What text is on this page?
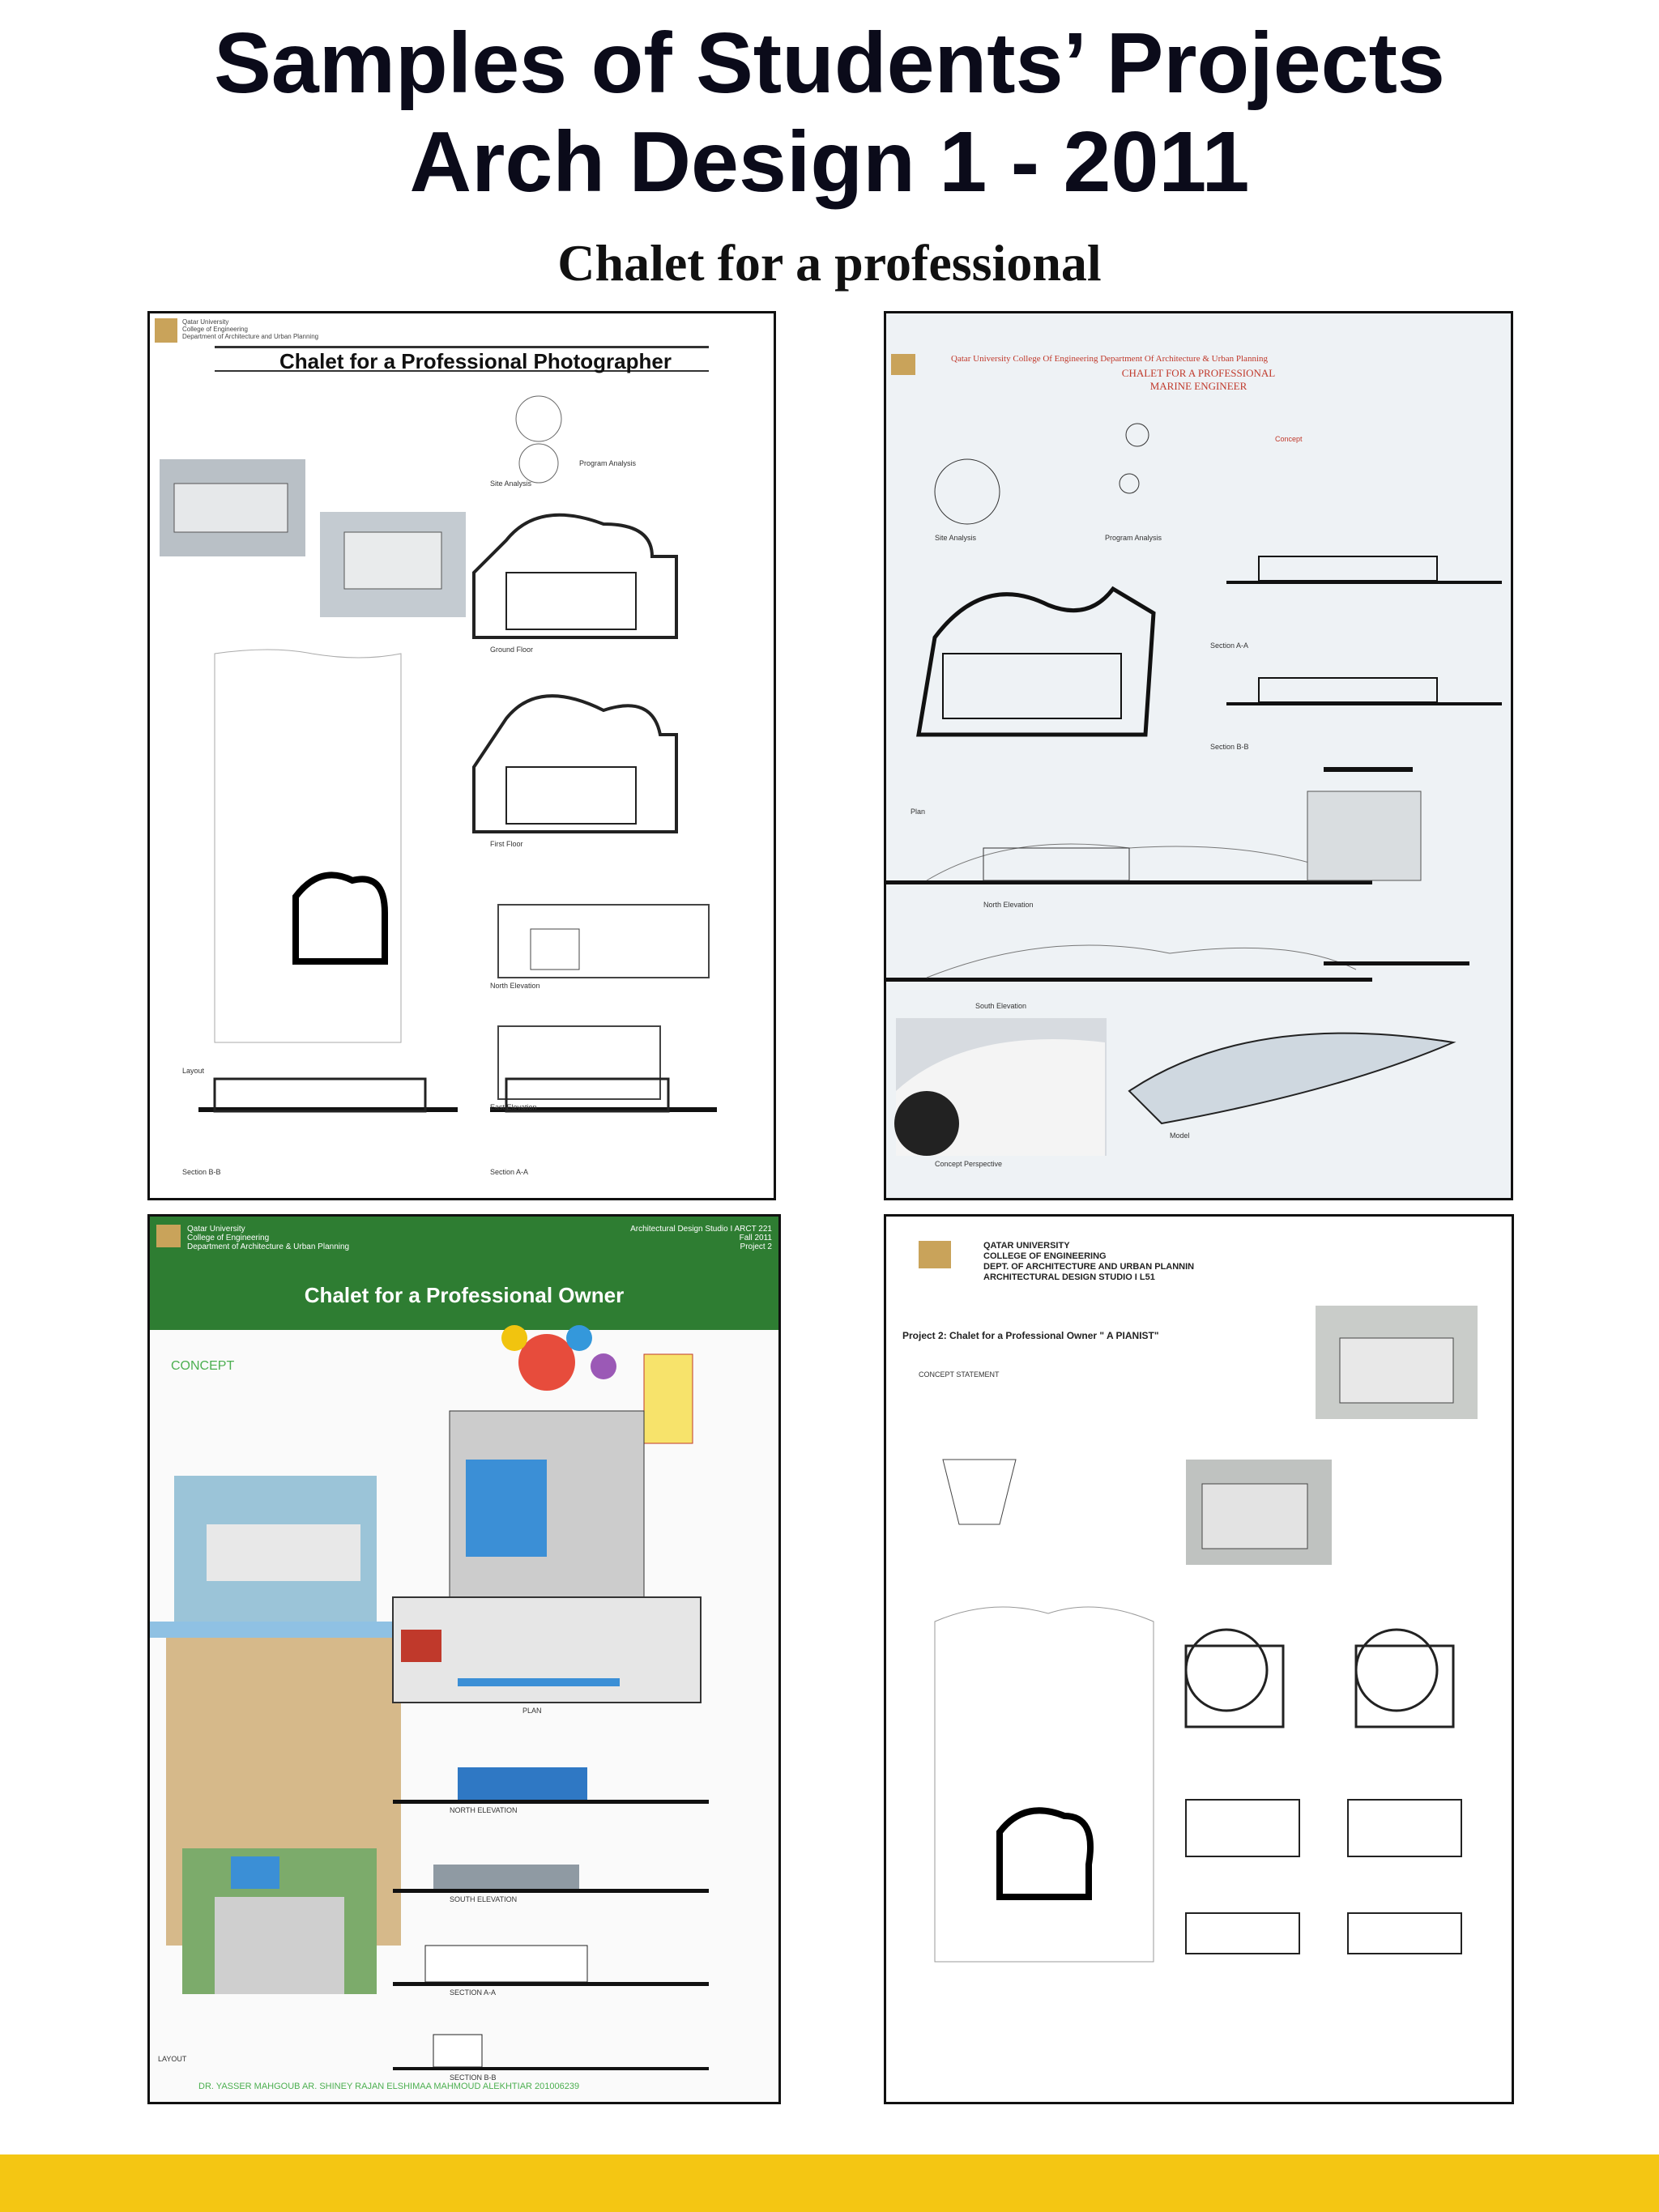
Samples of Students’ Projects
Arch Design 1 - 2011
Chalet for a professional
Qatar University
College of Engineering
Department of Architecture and Urban Planning
Chalet for a Professional Photographer
Site Analysis
Program Analysis
Ground Floor
First Floor
North Elevation
East Elevation
Layout
Section B-B	Section A-A
Qatar University College Of Engineering Department Of Architecture & Urban Planning
CHALET FOR A PROFESSIONAL
MARINE ENGINEER
Concept
Site Analysis	Program Analysis
Section A-A
Section B-B
Plan
North Elevation
South Elevation
Concept Perspective
Model
Qatar University
College of Engineering
Department of Architecture & Urban Planning
Architectural Design Studio I ARCT 221
Fall 2011
Project 2
Chalet for a Professional Owner
CONCEPT
PLAN
NORTH ELEVATION
SOUTH ELEVATION
SECTION A-A
SECTION B-B
LAYOUT
DR. YASSER MAHGOUB AR. SHINEY RAJAN ELSHIMAA MAHMOUD ALEKHTIAR 201006239
QATAR UNIVERSITY
COLLEGE OF ENGINEERING
DEPT. OF ARCHITECTURE AND URBAN PLANNIN
ARCHITECTURAL DESIGN STUDIO I L51
Project 2: Chalet for a Professional Owner " A PIANIST"
CONCEPT STATEMENT
